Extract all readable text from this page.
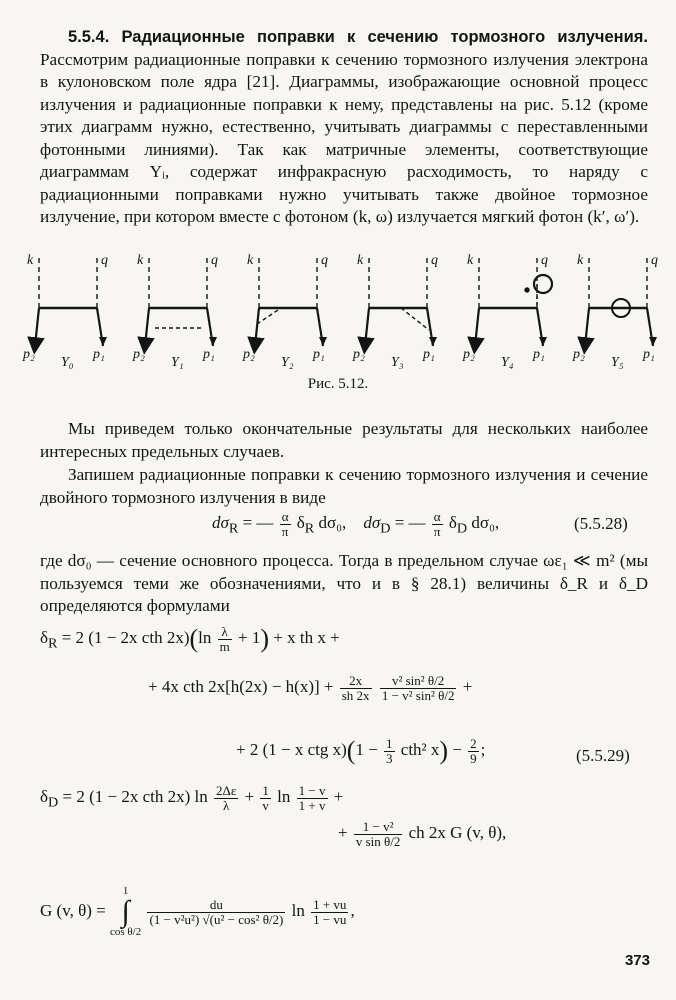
5.5.4. Радиационные поправки к сечению тормозного излучения. Рассмотрим радиационные поправки к сечению тормозного излучения электрона в кулоновском поле ядра [21]. Диаграммы, изображающие основной процесс излучения и радиационные поправки к нему, представлены на рис. 5.12 (кроме этих диаграмм нужно, естественно, учитывать диаграммы с переставленными фотонными линиями). Так как матричные элементы, соответствующие диаграммам Yᵢ, содержат инфракрасную расходимость, то наряду с радиационными поправками нужно учитывать также двойное тормозное излучение, при котором вместе с фотоном (k, ω) излучается мягкий фотон (k′, ω′).
k	q
p₂	p₁
Y₀
k	q
p₂	p₁
Y₁
k	q
p₂	p₁
Y₂
k	q
p₂	p₁
Y₃
k	q
p₂	p₁
Y₄
k	q
p₂	p₁
Y₅
Рис. 5.12.
Мы приведем только окончательные результаты для нескольких наиболее интересных предельных случаев.
Запишем радиационные поправки к сечению тормозного излучения и сечение двойного тормозного излучения в виде
$d\sigma_R$ = — $\frac{\alpha}{\pi} \delta_R$ dσ₀, $d\sigma_D$ = — $\frac{\alpha}{\pi} \delta_D$ dσ₀,	(5.5.28)
где dσ₀ — сечение основного процесса. Тогда в предельном случае ωε₁ ≪ m² (мы пользуемся теми же обозначениями, что и в § 28.1) величины δ_R и δ_D определяются формулами
$\delta_R = 2$ (1 − 2x cth $2x)(\ln \frac{\lambda}{m} + 1) + x$ th x +
+ 4x cth $2x[h(2x) - h(x)] + \frac{2x}{sh 2x}$
$\frac{\text{v² sin² θ/2}}{\text{1 − v² sin² θ/2}}$ +
+ 2 (1 − x ctg $x)(1 - \frac{1}{3} cth^2$ $x) - \frac{2}{9}$ ;	(5.5.29)
$\delta_D = 2$ (1 − 2x cth 2x) $\ln \frac{2\Delta\varepsilon}{\lambda} + \frac{1}{v}$ $\ln \frac{1 - v}{1 + v}$ +
+ $\frac{\text{1 − v²}}{\text{v sin θ/2}}$ ch 2x G (v, θ),
G (v, θ) =
1
∫
cos θ/2

$\frac{du}{\text{(1 − v²u²) √(u² − cos² θ/2)}}$ $\ln \frac{1 + vu}{1 - vu}$ ,
373
